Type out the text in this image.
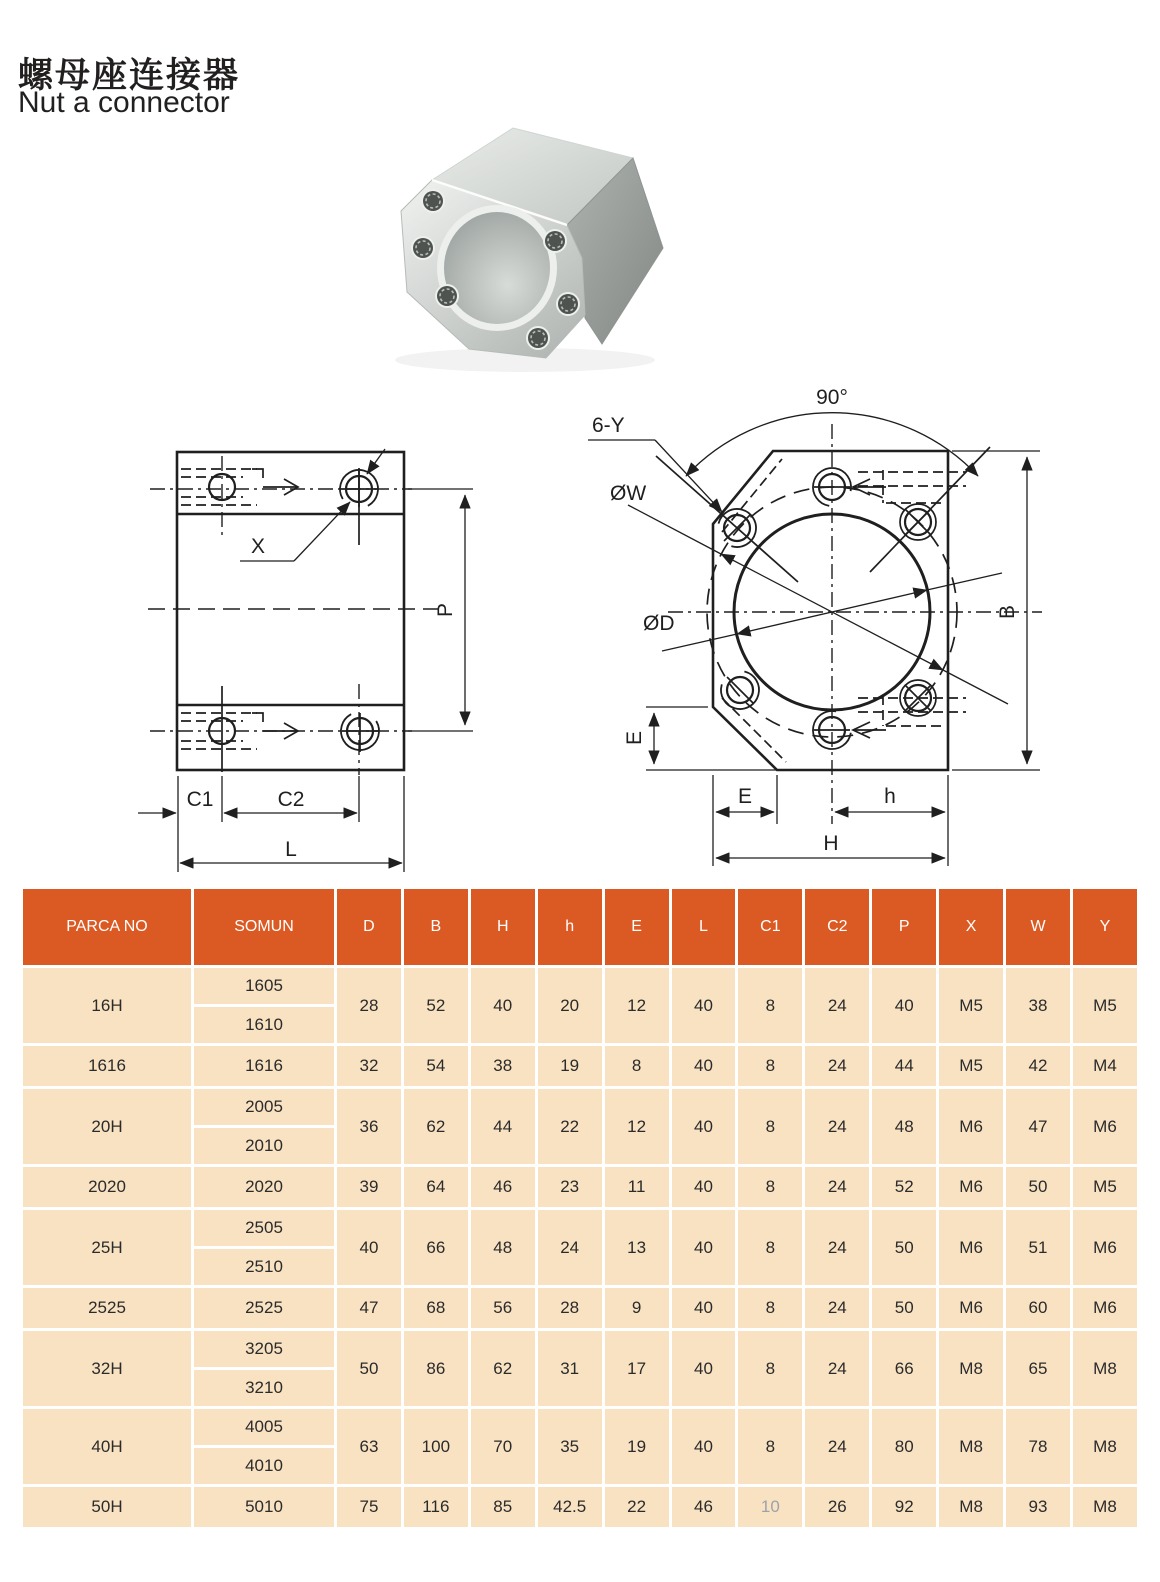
螺母座连接器
Nut a connector
X
P
C1	C2
L
90°
6-Y
ØW
ØD	B
E
E	h
H
PARCA NO	SOMUN	D	B	H	h	E	L	C1	C2	P	X	W	Y
16H	1605	28	52	40	20	12	40	8	24	40	M5	38	M5
	1610												
1616	1616	32	54	38	19	8	40	8	24	44	M5	42	M4
20H	2005	36	62	44	22	12	40	8	24	48	M6	47	M6
	2010												
2020	2020	39	64	46	23	11	40	8	24	52	M6	50	M5
25H	2505	40	66	48	24	13	40	8	24	50	M6	51	M6
	2510												
2525	2525	47	68	56	28	9	40	8	24	50	M6	60	M6
32H	3205	50	86	62	31	17	40	8	24	66	M8	65	M8
	3210												
40H	4005	63	100	70	35	19	40	8	24	80	M8	78	M8
	4010												
50H	5010	75	116	85	42.5	22	46	10	26	92	M8	93	M8
